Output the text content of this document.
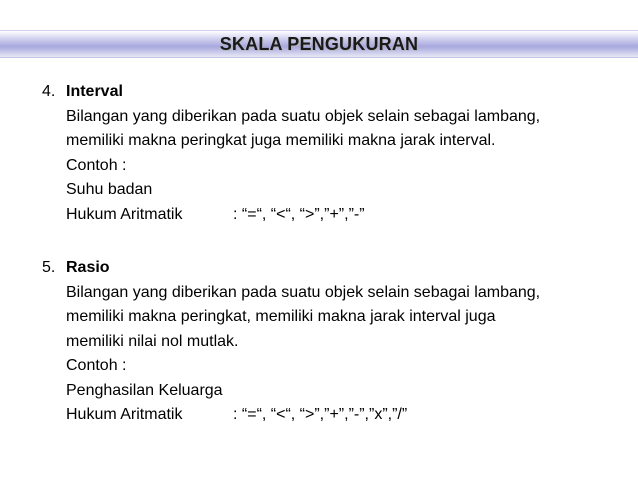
SKALA PENGUKURAN
4. Interval
Bilangan yang diberikan pada suatu objek selain sebagai lambang,
memiliki makna peringkat juga memiliki makna jarak interval.
Contoh :
Suhu badan
Hukum Aritmatik	: “=“, “<“, “>”,”+”,”-”
5. Rasio
Bilangan yang diberikan pada suatu objek selain sebagai lambang,
memiliki makna peringkat, memiliki makna jarak interval juga
memiliki nilai nol mutlak.
Contoh :
Penghasilan Keluarga
Hukum Aritmatik	: “=“, “<“, “>”,”+”,”-”,”x”,”/”
